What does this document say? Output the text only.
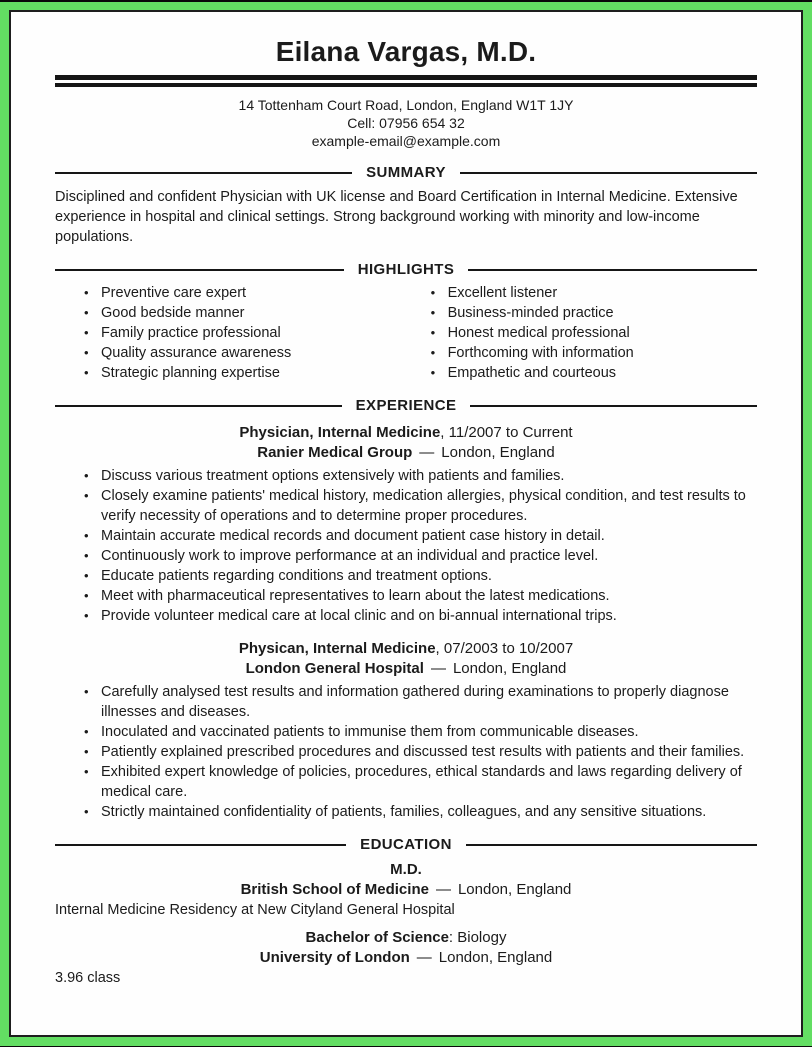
Eilana Vargas, M.D.
14 Tottenham Court Road, London, England W1T 1JY
Cell: 07956 654 32
example-email@example.com
SUMMARY
Disciplined and confident Physician with UK license and Board Certification in Internal Medicine. Extensive experience in hospital and clinical settings. Strong background working with minority and low-income populations.
HIGHLIGHTS
• Preventive care expert
• Good bedside manner
• Family practice professional
• Quality assurance awareness
• Strategic planning expertise
• Excellent listener
• Business-minded practice
• Honest medical professional
• Forthcoming with information
• Empathetic and courteous
EXPERIENCE
Physician, Internal Medicine, 11/2007 to Current
Ranier Medical Group — London, England
• Discuss various treatment options extensively with patients and families.
• Closely examine patients' medical history, medication allergies, physical condition, and test results to verify necessity of operations and to determine proper procedures.
• Maintain accurate medical records and document patient case history in detail.
• Continuously work to improve performance at an individual and practice level.
• Educate patients regarding conditions and treatment options.
• Meet with pharmaceutical representatives to learn about the latest medications.
• Provide volunteer medical care at local clinic and on bi-annual international trips.
Physican, Internal Medicine, 07/2003 to 10/2007
London General Hospital — London, England
• Carefully analysed test results and information gathered during examinations to properly diagnose illnesses and diseases.
• Inoculated and vaccinated patients to immunise them from communicable diseases.
• Patiently explained prescribed procedures and discussed test results with patients and their families.
• Exhibited expert knowledge of policies, procedures, ethical standards and laws regarding delivery of medical care.
• Strictly maintained confidentiality of patients, families, colleagues, and any sensitive situations.
EDUCATION
M.D.
British School of Medicine — London, England
Internal Medicine Residency at New Cityland General Hospital
Bachelor of Science: Biology
University of London — London, England
3.96 class
